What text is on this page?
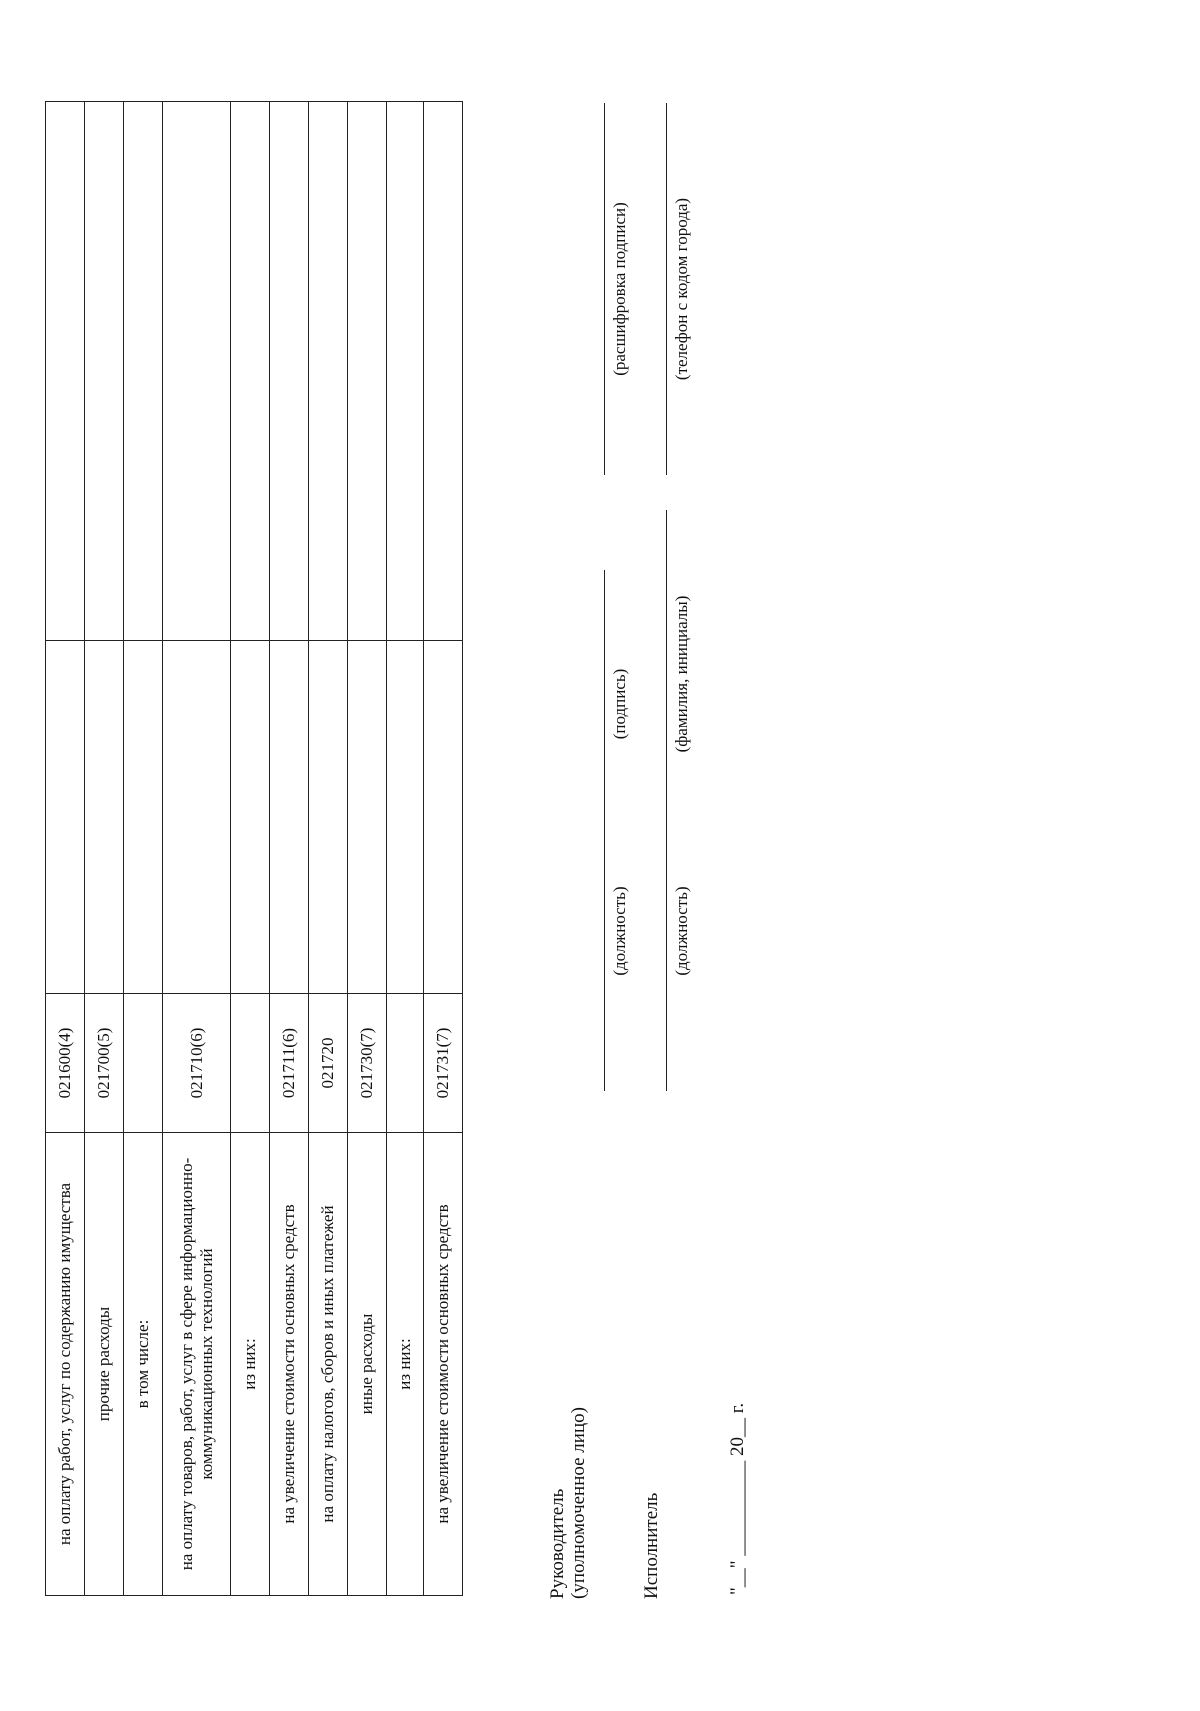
на оплату работ, услуг по содержанию имущества	021600(4)		
прочие расходы	021700(5)		
в том числе:			
на оплату товаров, работ, услуг в сфере информационно-коммуникационных технологий	021710(6)		
из них:			
на увеличение стоимости основных средств	021711(6)		
на оплату налогов, сборов и иных платежей	021720		
иные расходы	021730(7)		
из них:			
на увеличение стоимости основных средств	021731(7)		
Руководитель (уполномоченное лицо)	Исполнитель
(должность)
(подпись)
(расшифровка подписи)
(должность)
(фамилия, инициалы)
(телефон с кодом города)
"__" __________ 20__ г.
